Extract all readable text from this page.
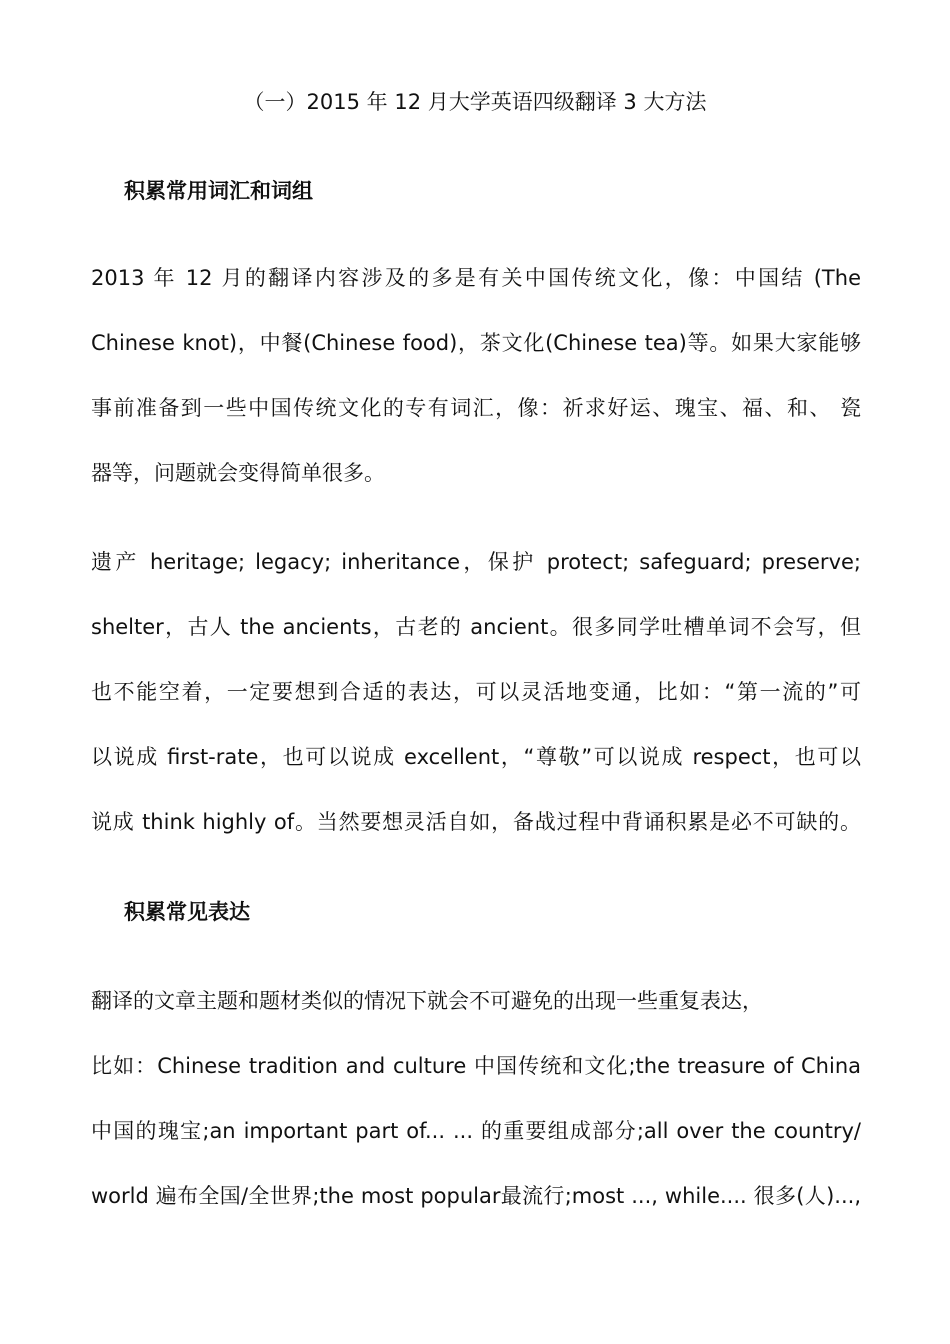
（一）2015 年 12 月大学英语四级翻译 3 大方法
积累常用词汇和词组
2013 年 12 月的翻译内容涉及的多是有关中国传统文化，像：中国结 (The
Chinese knot)，中餐(Chinese food)，茶文化(Chinese tea)等。如果大家能够
事前准备到一些中国传统文化的专有词汇，像：祈求好运、瑰宝、福、和、 瓷
器等，问题就会变得简单很多。
遗产 heritage; legacy; inheritance，保护 protect; safeguard; preserve;
shelter，古人 the ancients，古老的 ancient。很多同学吐槽单词不会写，但
也不能空着，一定要想到合适的表达，可以灵活地变通，比如：“第一流的”可
以说成 first-rate，也可以说成 excellent，“尊敬”可以说成 respect，也可以
说成 think highly of。当然要想灵活自如，备战过程中背诵积累是必不可缺的。
积累常见表达
翻译的文章主题和题材类似的情况下就会不可避免的出现一些重复表达，
比如：Chinese tradition and culture 中国传统和文化;the treasure of China
中国的瑰宝;an important part of... ... 的重要组成部分;all over the country/
world 遍布全国/全世界;the most popular最流行;most ..., while.... 很多(人)...,
